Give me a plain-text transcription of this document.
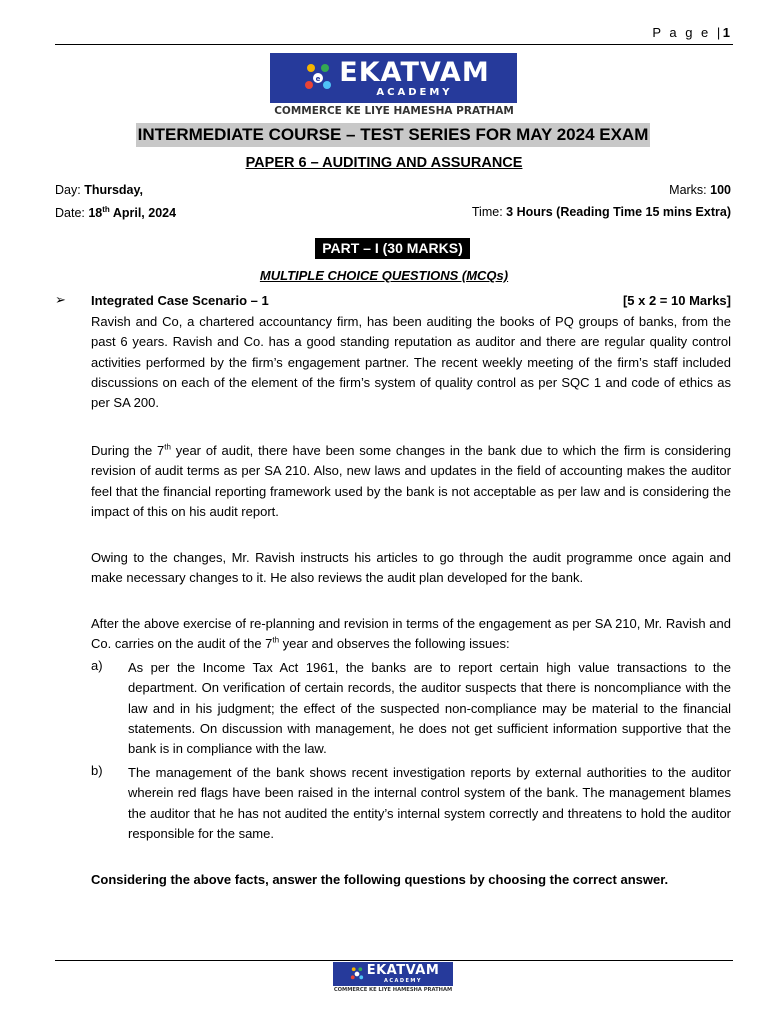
P a g e |1
e EKATVAM
ACADEMY
COMMERCE KE LIYE HAMESHA PRATHAM
INTERMEDIATE COURSE – TEST SERIES FOR MAY 2024 EXAM
PAPER 6 – AUDITING AND ASSURANCE
Day: Thursday,	Marks: 100
Date: 18th April, 2024	Time: 3 Hours (Reading Time 15 mins Extra)
PART – I (30 MARKS)
MULTIPLE CHOICE QUESTIONS (MCQs)
➢ Integrated Case Scenario – 1	[5 x 2 = 10 Marks]
Ravish and Co, a chartered accountancy firm, has been auditing the books of PQ groups of banks, from the past 6 years. Ravish and Co. has a good standing reputation as auditor and there are regular quality control activities performed by the firm’s engagement partner. The recent weekly meeting of the firm’s staff included discussions on each of the element of the firm’s system of quality control as per SQC 1 and code of ethics as per SA 200.
During the 7th year of audit, there have been some changes in the bank due to which the firm is considering revision of audit terms as per SA 210. Also, new laws and updates in the field of accounting makes the auditor feel that the financial reporting framework used by the bank is not acceptable as per law and is considering the impact of this on his audit report.
Owing to the changes, Mr. Ravish instructs his articles to go through the audit programme once again and make necessary changes to it. He also reviews the audit plan developed for the bank.
After the above exercise of re-planning and revision in terms of the engagement as per SA 210, Mr. Ravish and Co. carries on the audit of the 7th year and observes the following issues:
a) As per the Income Tax Act 1961, the banks are to report certain high value transactions to the department. On verification of certain records, the auditor suspects that there is noncompliance with the law and in his judgment; the effect of the suspected non-compliance may be material to the financial statements. On discussion with management, he does not get sufficient information supportive that the bank is in compliance with the law.
b) The management of the bank shows recent investigation reports by external authorities to the auditor wherein red flags have been raised in the internal control system of the bank. The management blames the auditor that he has not audited the entity’s internal system correctly and threatens to hold the auditor responsible for the same.
Considering the above facts, answer the following questions by choosing the correct answer.
EKATVAM
ACADEMY
COMMERCE KE LIYE HAMESHA PRATHAM
